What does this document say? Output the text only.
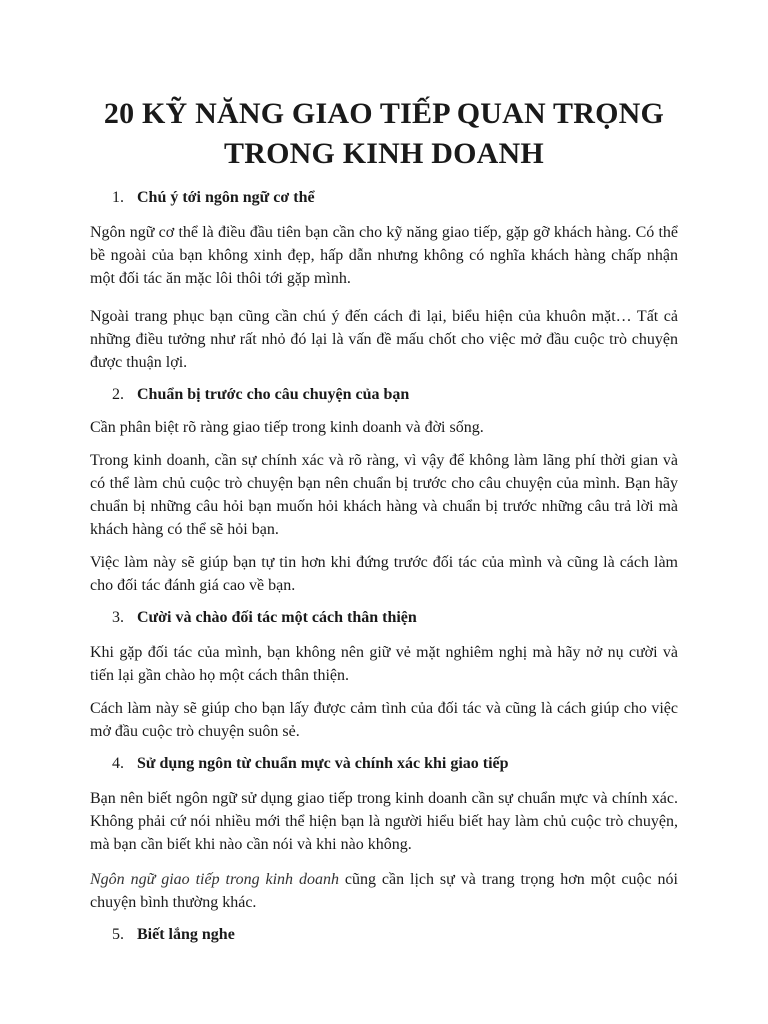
20 KỸ NĂNG GIAO TIẾP QUAN TRỌNG
TRONG KINH DOANH
1. Chú ý tới ngôn ngữ cơ thể

Ngôn ngữ cơ thể là điều đầu tiên bạn cần cho kỹ năng giao tiếp, gặp gỡ khách hàng. Có thể bề ngoài của bạn không xinh đẹp, hấp dẫn nhưng không có nghĩa khách hàng chấp nhận một đối tác ăn mặc lôi thôi tới gặp mình.

Ngoài trang phục bạn cũng cần chú ý đến cách đi lại, biểu hiện của khuôn mặt… Tất cả những điều tưởng như rất nhỏ đó lại là vấn đề mấu chốt cho việc mở đầu cuộc trò chuyện được thuận lợi.

2. Chuẩn bị trước cho câu chuyện của bạn

Cần phân biệt rõ ràng giao tiếp trong kinh doanh và đời sống.

Trong kinh doanh, cần sự chính xác và rõ ràng, vì vậy để không làm lãng phí thời gian và có thể làm chủ cuộc trò chuyện bạn nên chuẩn bị trước cho câu chuyện của mình. Bạn hãy chuẩn bị những câu hỏi bạn muốn hỏi khách hàng và chuẩn bị trước những câu trả lời mà khách hàng có thể sẽ hỏi bạn.

Việc làm này sẽ giúp bạn tự tin hơn khi đứng trước đối tác của mình và cũng là cách làm cho đối tác đánh giá cao về bạn.

3. Cười và chào đối tác một cách thân thiện

Khi gặp đối tác của mình, bạn không nên giữ vẻ mặt nghiêm nghị mà hãy nở nụ cười và tiến lại gần chào họ một cách thân thiện.

Cách làm này sẽ giúp cho bạn lấy được cảm tình của đối tác và cũng là cách giúp cho việc mở đầu cuộc trò chuyện suôn sẻ.

4. Sử dụng ngôn từ chuẩn mực và chính xác khi giao tiếp

Bạn nên biết ngôn ngữ sử dụng giao tiếp trong kinh doanh cần sự chuẩn mực và chính xác. Không phải cứ nói nhiều mới thể hiện bạn là người hiểu biết hay làm chủ cuộc trò chuyện, mà bạn cần biết khi nào cần nói và khi nào không.

Ngôn ngữ giao tiếp trong kinh doanh cũng cần lịch sự và trang trọng hơn một cuộc nói chuyện bình thường khác.

5. Biết lắng nghe
